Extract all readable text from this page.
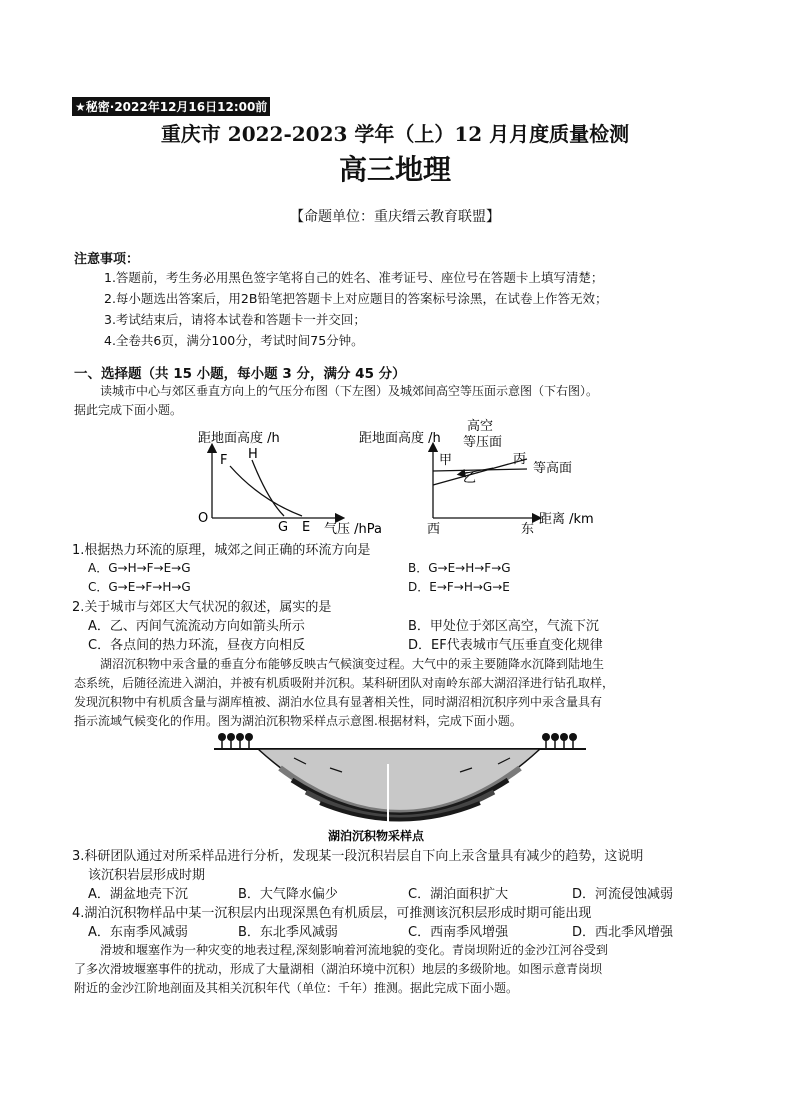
★秘密·2022年12月16日12:00前
重庆市 2022-2023 学年（上）12 月月度质量检测
高三地理
【命题单位：重庆缙云教育联盟】
注意事项：
1.答题前，考生务必用黑色签字笔将自己的姓名、准考证号、座位号在答题卡上填写清楚；
2.每小题选出答案后，用2B铅笔把答题卡上对应题目的答案标号涂黑，在试卷上作答无效；
3.考试结束后，请将本试卷和答题卡一并交回；
4.全卷共6页，满分100分，考试时间75分钟。
一、选择题（共 15 小题，每小题 3 分，满分 45 分）
读城市中心与郊区垂直方向上的气压分布图（下左图）及城郊间高空等压面示意图（下右图）。
据此完成下面小题。
距地面高度 /h
O
F H
G E 气压 /hPa
距地面高度 /h
高空
等压面
甲	丙
乙
等高面
西	东
距离 /km
1.根据热力环流的原理，城郊之间正确的环流方向是
A．G→H→F→E→G	B．G→E→H→F→G
C．G→E→F→H→G	D．E→F→H→G→E
2.关于城市与郊区大气状况的叙述，属实的是
A．乙、丙间气流流动方向如箭头所示	B．甲处位于郊区高空，气流下沉
C．各点间的热力环流，昼夜方向相反	D．EF代表城市气压垂直变化规律
湖沼沉积物中汞含量的垂直分布能够反映古气候演变过程。大气中的汞主要随降水沉降到陆地生
态系统，后随径流进入湖泊，并被有机质吸附并沉积。某科研团队对南岭东部大湖沼泽进行钻孔取样，
发现沉积物中有机质含量与湖库植被、湖泊水位具有显著相关性，同时湖沼相沉积序列中汞含量具有
指示流域气候变化的作用。图为湖泊沉积物采样点示意图.根据材料，完成下面小题。
湖泊沉积物采样点
3.科研团队通过对所采样品进行分析，发现某一段沉积岩层自下向上汞含量具有减少的趋势，这说明
该沉积岩层形成时期
A．湖盆地壳下沉	B．大气降水偏少	C．湖泊面积扩大	D．河流侵蚀减弱
4.湖泊沉积物样品中某一沉积层内出现深黑色有机质层，可推测该沉积层形成时期可能出现
A．东南季风减弱	B．东北季风减弱	C．西南季风增强	D．西北季风增强
滑坡和堰塞作为一种灾变的地表过程,深刻影响着河流地貌的变化。青岗坝附近的金沙江河谷受到
了多次滑坡堰塞事件的扰动，形成了大量湖相（湖泊环境中沉积）地层的多级阶地。如图示意青岗坝
附近的金沙江阶地剖面及其相关沉积年代（单位：千年）推测。据此完成下面小题。
